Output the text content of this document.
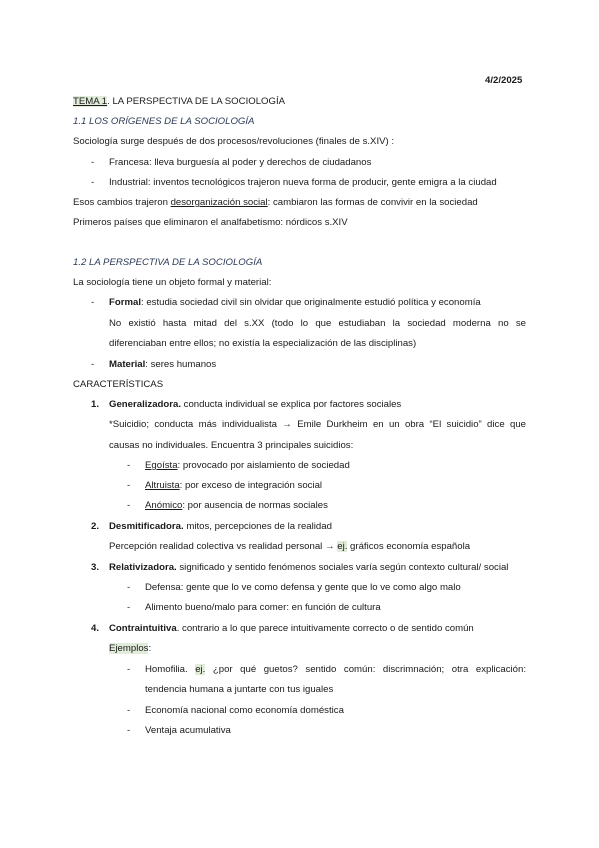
4/2/2025
TEMA 1. LA PERSPECTIVA DE LA SOCIOLOGÍA
1.1 LOS ORÍGENES DE LA SOCIOLOGÍA
Sociología surge después de dos procesos/revoluciones (finales de s.XIV) :
- Francesa: lleva burguesía al poder y derechos de ciudadanos
- Industrial: inventos tecnológicos trajeron nueva forma de producir, gente emigra a la ciudad
Esos cambios trajeron desorganización social: cambiaron las formas de convivir en la sociedad
Primeros países que eliminaron el analfabetismo: nórdicos s.XIV
1.2 LA PERSPECTIVA DE LA SOCIOLOGÍA
La sociología tiene un objeto formal y material:
- Formal: estudia sociedad civil sin olvidar que originalmente estudió política y economía
No existió hasta mitad del s.XX (todo lo que estudiaban la sociedad moderna no se
diferenciaban entre ellos; no existía la especialización de las disciplinas)
- Material: seres humanos
CARACTERÍSTICAS
1. Generalizadora. conducta individual se explica por factores sociales
*Suicidio; conducta más individualista → Emile Durkheim en un obra “El suicidio” dice que
causas no individuales. Encuentra 3 principales suicidios:
- Egoísta: provocado por aislamiento de sociedad
- Altruista: por exceso de integración social
- Anómico: por ausencia de normas sociales
2. Desmitificadora. mitos, percepciones de la realidad
Percepción realidad colectiva vs realidad personal → ej. gráficos economía española
3. Relativizadora. significado y sentido fenómenos sociales varía según contexto cultural/ social
- Defensa: gente que lo ve como defensa y gente que lo ve como algo malo
- Alimento bueno/malo para comer: en función de cultura
4. Contraintuitiva. contrario a lo que parece intuitivamente correcto o de sentido común
Ejemplos:
- Homofilia. ej. ¿por qué guetos? sentido común: discrimnación; otra explicación:
tendencia humana a juntarte con tus iguales
- Economía nacional como economía doméstica
- Ventaja acumulativa
